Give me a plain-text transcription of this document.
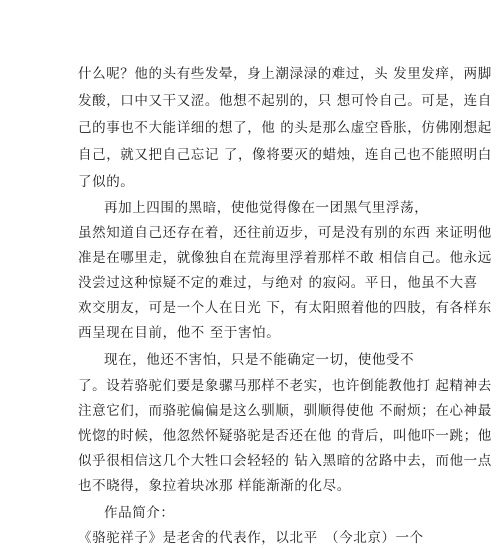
什么呢？他的头有些发晕，身上潮渌渌的难过，头 发里发痒，两脚
发酸，口中又干又涩。他想不起别的，只 想可怜自己。可是，连自
己的事也不大能详细的想了，他 的头是那么虚空昏胀，仿佛刚想起
自己，就又把自己忘记 了，像将要灭的蜡烛，连自己也不能照明白
了似的。
再加上四围的黑暗，使他觉得像在一团黑气里浮荡，
虽然知道自己还存在着，还往前迈步，可是没有别的东西 来证明他
准是在哪里走，就像独自在荒海里浮着那样不敢 相信自己。他永远
没尝过这种惊疑不定的难过，与绝对 的寂闷。平日，他虽不大喜
欢交朋友，可是一个人在日光 下，有太阳照着他的四肢，有各样东
西呈现在目前，他不 至于害怕。
现在，他还不害怕，只是不能确定一切，使他受不
了。设若骆驼们要是象骡马那样不老实，也许倒能教他打 起精神去
注意它们，而骆驼偏偏是这么驯顺，驯顺得使他 不耐烦；在心神最
恍惚的时候，他忽然怀疑骆驼是否还在他 的背后，叫他吓一跳；他
似乎很相信这几个大牲口会轻轻的 钻入黑暗的岔路中去，而他一点
也不晓得，象拉着块冰那 样能渐渐的化尽。
作品简介：
《骆驼祥子》是老舍的代表作，以北平　（今北京）一个
